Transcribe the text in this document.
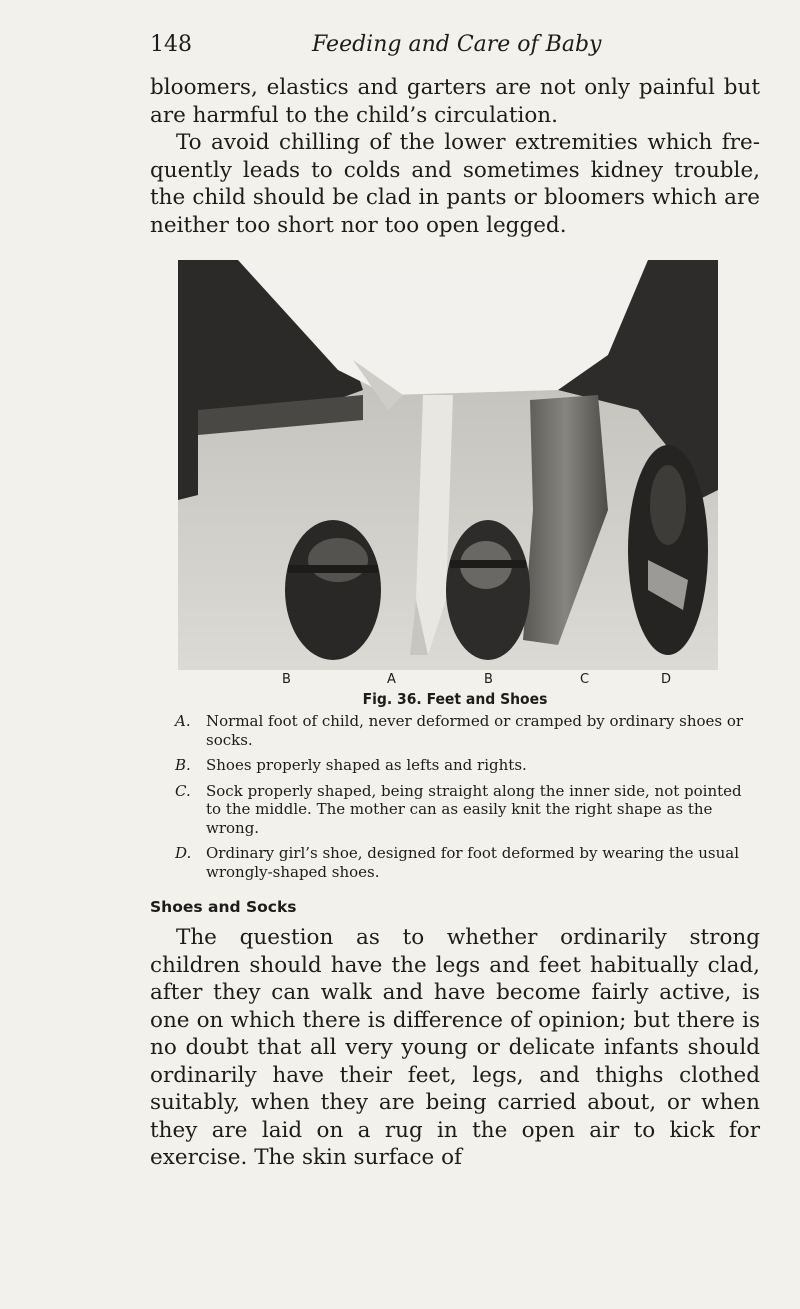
148	Feeding and Care of Baby

bloomers, elastics and garters are not only painful but are harmful to the child’s circulation.

To avoid chilling of the lower extremities which fre-quently leads to colds and sometimes kidney trouble, the child should be clad in pants or bloomers which are neither too short nor too open legged.

B	A	B	C	D
Fig. 36. Feet and Shoes
A. Normal foot of child, never deformed or cramped by ordinary shoes or socks.
B. Shoes properly shaped as lefts and rights.
C. Sock properly shaped, being straight along the inner side, not pointed to the middle. The mother can as easily knit the right shape as the wrong.
D. Ordinary girl’s shoe, designed for foot deformed by wearing the usual wrongly-shaped shoes.
Shoes and Socks

The question as to whether ordinarily strong children should have the legs and feet habitually clad, after they can walk and have become fairly active, is one on which there is difference of opinion; but there is no doubt that all very young or delicate infants should ordinarily have their feet, legs, and thighs clothed suitably, when they are being carried about, or when they are laid on a rug in the open air to kick for exercise. The skin surface of
